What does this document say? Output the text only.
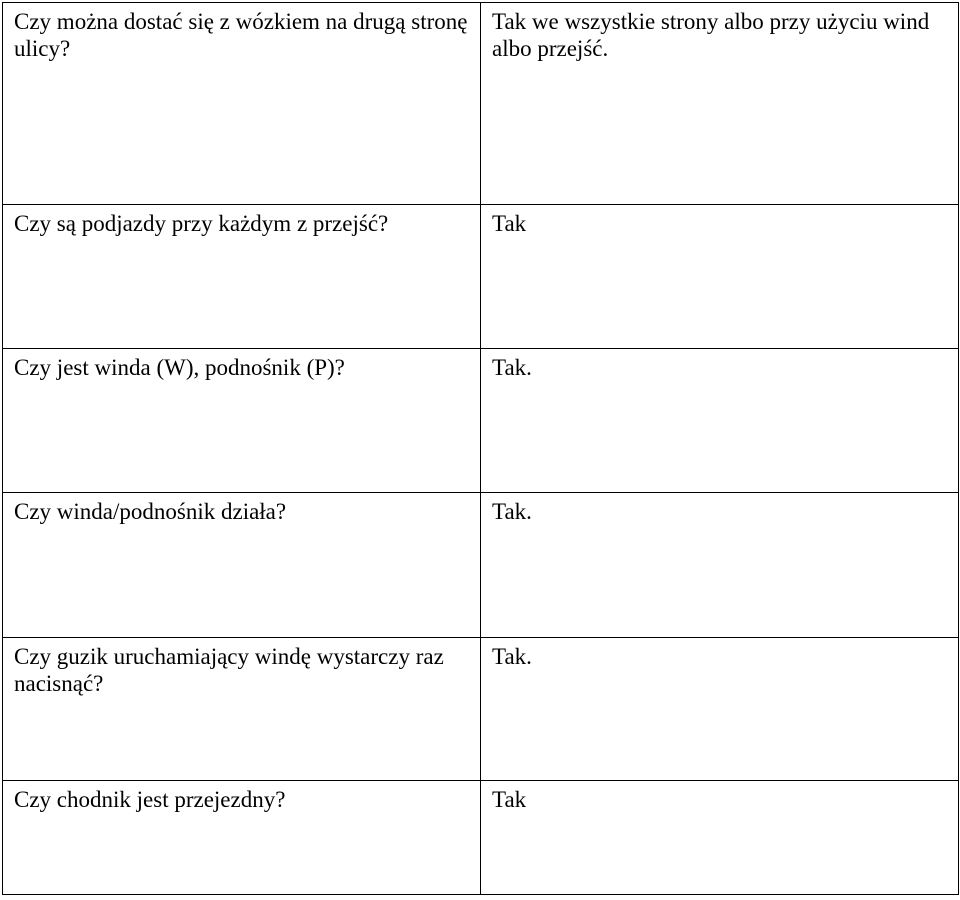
Czy można dostać się z wózkiem na drugą stronę ulicy?	Tak we wszystkie strony albo przy użyciu wind albo przejść.
Czy są podjazdy przy każdym z przejść?	Tak
Czy jest winda (W), podnośnik (P)?	Tak.
Czy winda/podnośnik działa?	Tak.
Czy guzik uruchamiający windę wystarczy raz nacisnąć?	Tak.
Czy chodnik jest przejezdny?	Tak
